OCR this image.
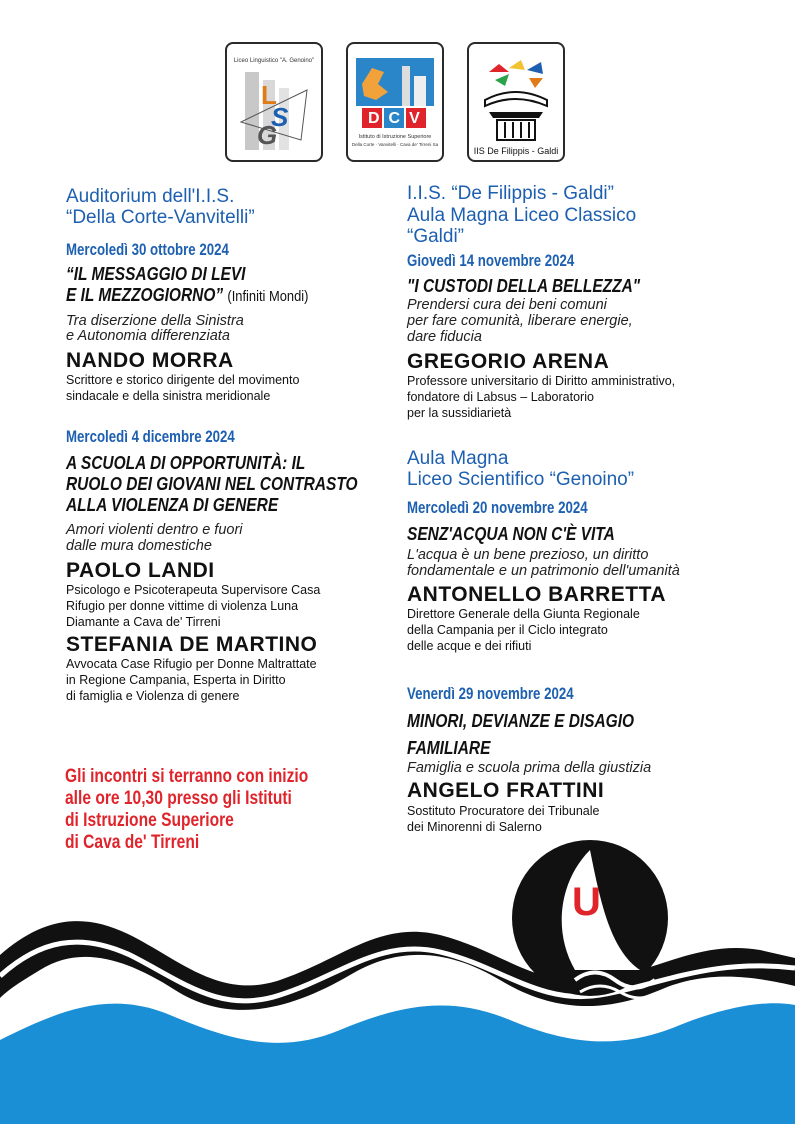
Liceo Linguistico "A. Genoino"
L
S
G
DCV
Istituto di Istruzione Superiore
Della Corte · Vanvitelli · Cava de' Tirreni Sa
IIS De Filippis - Galdi
Auditorium dell'I.I.S.
“Della Corte-Vanvitelli”
Mercoledì 30 ottobre 2024
“IL MESSAGGIO DI LEVI
E IL MEZZOGIORNO” (Infiniti Mondi)
Tra diserzione della Sinistra
e Autonomia differenziata
NANDO MORRA
Scrittore e storico dirigente del movimento
sindacale e della sinistra meridionale
Mercoledì 4 dicembre 2024
A SCUOLA DI OPPORTUNITÀ: IL
RUOLO DEI GIOVANI NEL CONTRASTO
ALLA VIOLENZA DI GENERE
Amori violenti dentro e fuori
dalle mura domestiche
PAOLO LANDI
Psicologo e Psicoterapeuta Supervisore Casa
Rifugio per donne vittime di violenza Luna
Diamante a Cava de' Tirreni
STEFANIA DE MARTINO
Avvocata Case Rifugio per Donne Maltrattate
in Regione Campania, Esperta in Diritto
di famiglia e Violenza di genere
Gli incontri si terranno con inizio
alle ore 10,30 presso gli Istituti
di Istruzione Superiore
di Cava de' Tirreni
I.I.S. “De Filippis - Galdi”
Aula Magna Liceo Classico
“Galdi”
Giovedì 14 novembre 2024
"I CUSTODI DELLA BELLEZZA"
Prendersi cura dei beni comuni
per fare comunità, liberare energie,
dare fiducia
GREGORIO ARENA
Professore universitario di Diritto amministrativo,
fondatore di Labsus – Laboratorio
per la sussidiarietà
Aula Magna
Liceo Scientifico “Genoino”
Mercoledì 20 novembre 2024
SENZ'ACQUA NON C'È VITA
L'acqua è un bene prezioso, un diritto
fondamentale e un patrimonio dell'umanità
ANTONELLO BARRETTA
Direttore Generale della Giunta Regionale
della Campania per il Ciclo integrato
delle acque e dei rifiuti
Venerdì 29 novembre 2024
MINORI, DEVIANZE E DISAGIO
FAMILIARE
Famiglia e scuola prima della giustizia
ANGELO FRATTINI
Sostituto Procuratore dei Tribunale
dei Minorenni di Salerno
U
